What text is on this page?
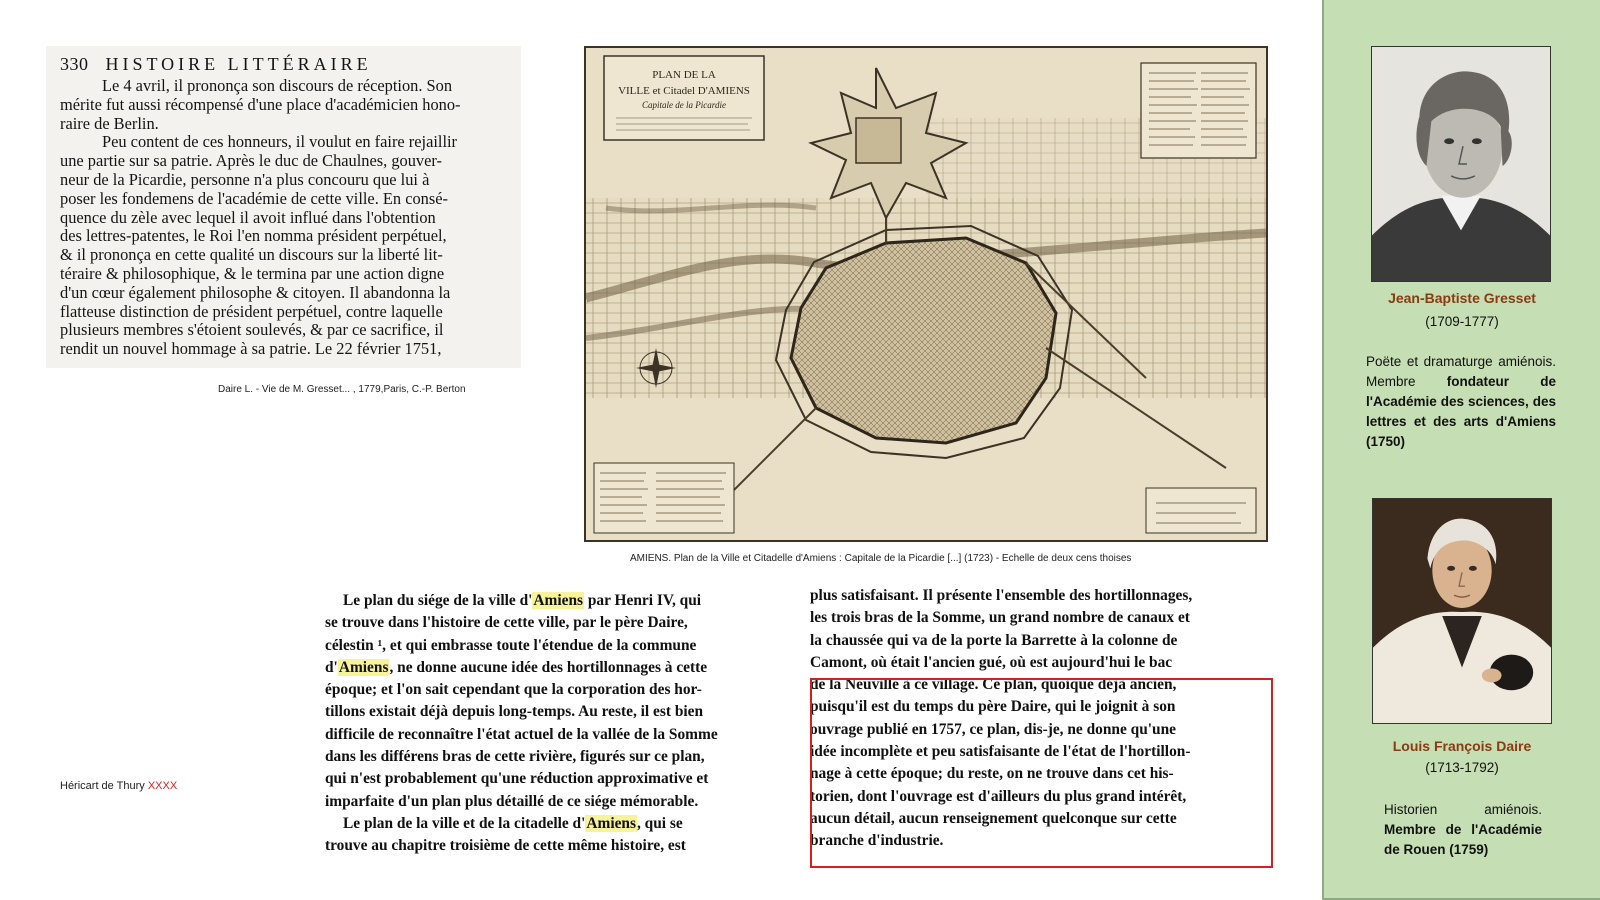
330 HISTOIRE LITTÉRAIRE
Le 4 avril, il prononça son discours de réception. Son
mérite fut aussi récompensé d'une place d'académicien hono-
raire de Berlin.
Peu content de ces honneurs, il voulut en faire rejaillir
une partie sur sa patrie. Après le duc de Chaulnes, gouver-
neur de la Picardie, personne n'a plus concouru que lui à
poser les fondemens de l'académie de cette ville. En consé-
quence du zèle avec lequel il avoit influé dans l'obtention
des lettres-patentes, le Roi l'en nomma président perpétuel,
& il prononça en cette qualité un discours sur la liberté lit-
téraire & philosophique, & le termina par une action digne
d'un cœur également philosophe & citoyen. Il abandonna la
flatteuse distinction de président perpétuel, contre laquelle
plusieurs membres s'étoient soulevés, & par ce sacrifice, il
rendit un nouvel hommage à sa patrie. Le 22 février 1751,
Daire L. - Vie de M. Gresset... , 1779,Paris, C.-P. Berton
PLAN DE LA
VILLE et Citadel D'AMIENS
Capitale de la Picardie
AMIENS. Plan de la Ville et Citadelle d'Amiens : Capitale de la Picardie [...] (1723) - Echelle de deux cens thoises
Le plan du siége de la ville d'Amiens par Henri IV, qui
se trouve dans l'histoire de cette ville, par le père Daire,
célestin ¹, et qui embrasse toute l'étendue de la commune
d'Amiens, ne donne aucune idée des hortillonnages à cette
époque; et l'on sait cependant que la corporation des hor-
tillons existait déjà depuis long-temps. Au reste, il est bien
difficile de reconnaître l'état actuel de la vallée de la Somme
dans les différens bras de cette rivière, figurés sur ce plan,
qui n'est probablement qu'une réduction approximative et
imparfaite d'un plan plus détaillé de ce siége mémorable.
Le plan de la ville et de la citadelle d'Amiens, qui se
trouve au chapitre troisième de cette même histoire, est
plus satisfaisant. Il présente l'ensemble des hortillonnages,
les trois bras de la Somme, un grand nombre de canaux et
la chaussée qui va de la porte la Barrette à la colonne de
Camont, où était l'ancien gué, où est aujourd'hui le bac
de la Neuville à ce village. Ce plan, quoique déjà ancien,
puisqu'il est du temps du père Daire, qui le joignit à son
ouvrage publié en 1757, ce plan, dis-je, ne donne qu'une
idée incomplète et peu satisfaisante de l'état de l'hortillon-
nage à cette époque; du reste, on ne trouve dans cet his-
torien, dont l'ouvrage est d'ailleurs du plus grand intérêt,
aucun détail, aucun renseignement quelconque sur cette
branche d'industrie.
Héricart de Thury XXXX
Jean-Baptiste Gresset
(1709-1777)
Poëte et dramaturge amiénois. Membre fondateur de l'Académie des sciences, des lettres et des arts d'Amiens (1750)
Louis François Daire
(1713-1792)
Historien amiénois. Membre de l'Académie de Rouen (1759)
